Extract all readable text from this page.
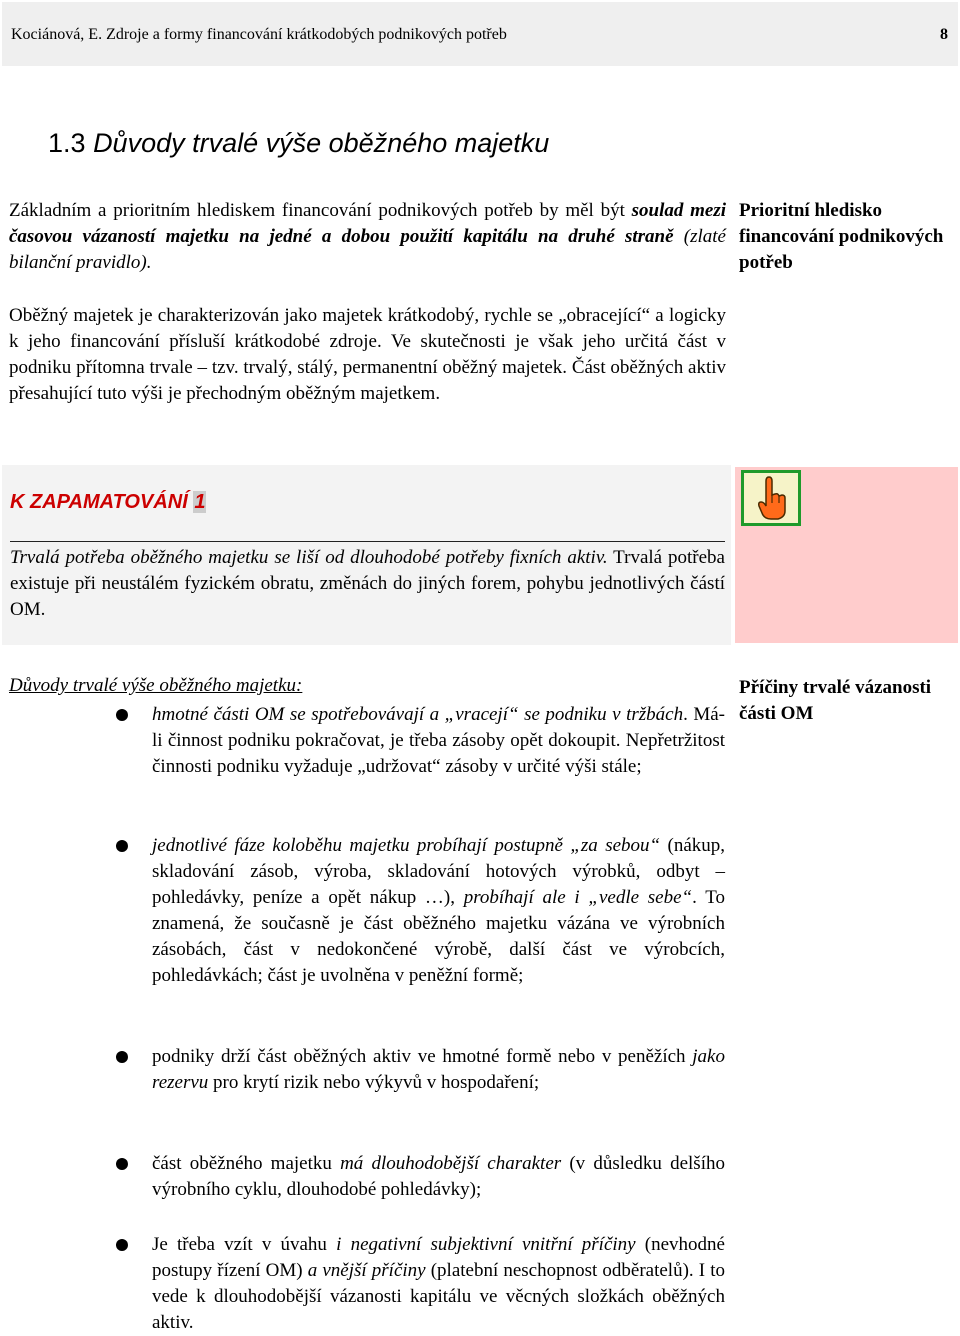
Kociánová, E. Zdroje a formy financování krátkodobých podnikových potřeb	8
1.3 Důvody trvalé výše oběžného majetku
Základním a prioritním hlediskem financování podnikových potřeb by měl být soulad mezi časovou vázaností majetku na jedné a dobou použití kapitálu na druhé straně (zlaté bilanční pravidlo).
Prioritní hledisko financování podnikových potřeb
Oběžný majetek je charakterizován jako majetek krátkodobý, rychle se „obracející“ a logicky k jeho financování přísluší krátkodobé zdroje. Ve skutečnosti je však jeho určitá část v podniku přítomna trvale – tzv. trvalý, stálý, permanentní oběžný majetek. Část oběžných aktiv přesahující tuto výši je přechodným oběžným majetkem.
K ZAPAMATOVÁNÍ 1
Trvalá potřeba oběžného majetku se liší od dlouhodobé potřeby fixních aktiv. Trvalá potřeba existuje při neustálém fyzickém obratu, změnách do jiných forem, pohybu jednotlivých částí OM.
Důvody trvalé výše oběžného majetku:	Příčiny trvalé vázanosti části OM
hmotné části OM se spotřebovávají a „vracejí“ se podniku v tržbách. Má-li činnost podniku pokračovat, je třeba zásoby opět dokoupit. Nepřetržitost činnosti podniku vyžaduje „udržovat“ zásoby v určité výši stále;
jednotlivé fáze koloběhu majetku probíhají postupně „za sebou“ (nákup, skladování zásob, výroba, skladování hotových výrobků, odbyt – pohledávky, peníze a opět nákup …), probíhají ale i „vedle sebe“. To znamená, že současně je část oběžného majetku vázána ve výrobních zásobách, část v nedokončené výrobě, další část ve výrobcích, pohledávkách; část je uvolněna v peněžní formě;
podniky drží část oběžných aktiv ve hmotné formě nebo v peněžích jako rezervu pro krytí rizik nebo výkyvů v hospodaření;
část oběžného majetku má dlouhodobější charakter (v důsledku delšího výrobního cyklu, dlouhodobé pohledávky);
Je třeba vzít v úvahu i negativní subjektivní vnitřní příčiny (nevhodné postupy řízení OM) a vnější příčiny (platební neschopnost odběratelů). I to vede k dlouhodobější vázanosti kapitálu ve věcných složkách oběžných aktiv.
